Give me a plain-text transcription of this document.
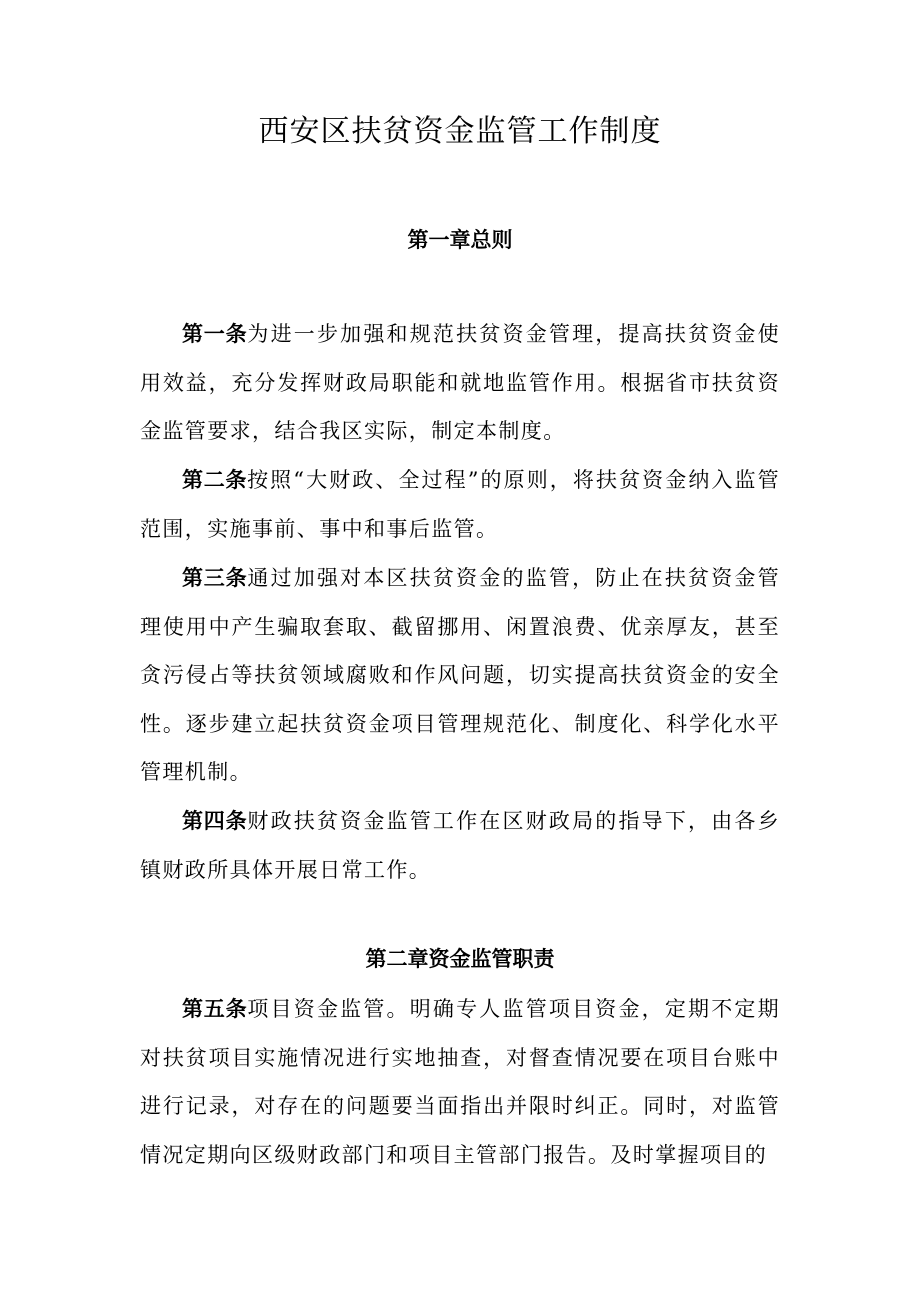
西安区扶贫资金监管工作制度
第一章总则

第一条为进一步加强和规范扶贫资金管理，提高扶贫资金使用效益，充分发挥财政局职能和就地监管作用。根据省市扶贫资金监管要求，结合我区实际，制定本制度。

第二条按照“大财政、全过程”的原则，将扶贫资金纳入监管范围，实施事前、事中和事后监管。

第三条通过加强对本区扶贫资金的监管，防止在扶贫资金管理使用中产生骗取套取、截留挪用、闲置浪费、优亲厚友，甚至贪污侵占等扶贫领域腐败和作风问题，切实提高扶贫资金的安全性。逐步建立起扶贫资金项目管理规范化、制度化、科学化水平管理机制。

第四条财政扶贫资金监管工作在区财政局的指导下，由各乡镇财政所具体开展日常工作。

第二章资金监管职责

第五条项目资金监管。明确专人监管项目资金，定期不定期对扶贫项目实施情况进行实地抽查，对督查情况要在项目台账中进行记录，对存在的问题要当面指出并限时纠正。同时，对监管情况定期向区级财政部门和项目主管部门报告。及时掌握项目的
